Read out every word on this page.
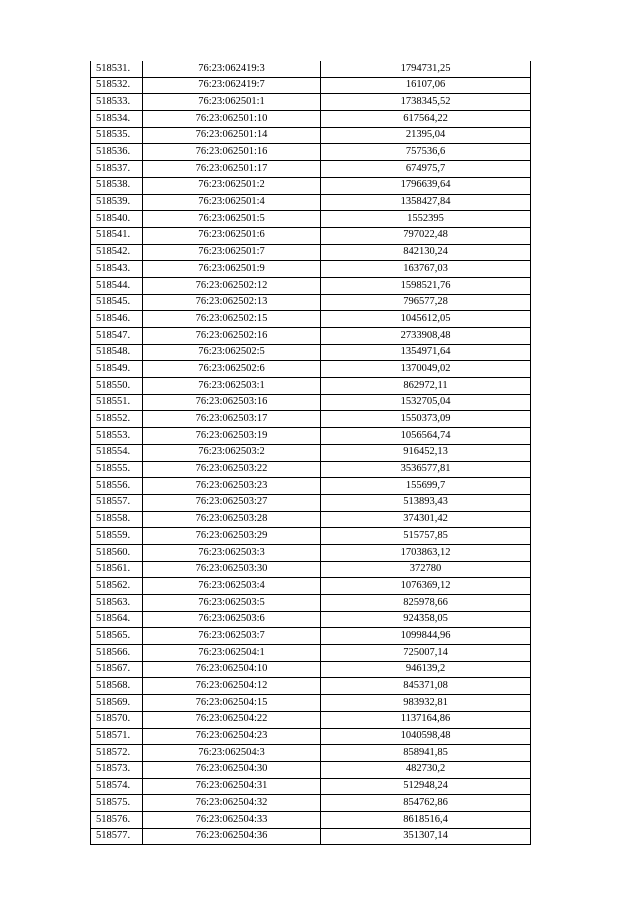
518531.	76:23:062419:3	1794731,25
518532.	76:23:062419:7	16107,06
518533.	76:23:062501:1	1738345,52
518534.	76:23:062501:10	617564,22
518535.	76:23:062501:14	21395,04
518536.	76:23:062501:16	757536,6
518537.	76:23:062501:17	674975,7
518538.	76:23:062501:2	1796639,64
518539.	76:23:062501:4	1358427,84
518540.	76:23:062501:5	1552395
518541.	76:23:062501:6	797022,48
518542.	76:23:062501:7	842130,24
518543.	76:23:062501:9	163767,03
518544.	76:23:062502:12	1598521,76
518545.	76:23:062502:13	796577,28
518546.	76:23:062502:15	1045612,05
518547.	76:23:062502:16	2733908,48
518548.	76:23:062502:5	1354971,64
518549.	76:23:062502:6	1370049,02
518550.	76:23:062503:1	862972,11
518551.	76:23:062503:16	1532705,04
518552.	76:23:062503:17	1550373,09
518553.	76:23:062503:19	1056564,74
518554.	76:23:062503:2	916452,13
518555.	76:23:062503:22	3536577,81
518556.	76:23:062503:23	155699,7
518557.	76:23:062503:27	513893,43
518558.	76:23:062503:28	374301,42
518559.	76:23:062503:29	515757,85
518560.	76:23:062503:3	1703863,12
518561.	76:23:062503:30	372780
518562.	76:23:062503:4	1076369,12
518563.	76:23:062503:5	825978,66
518564.	76:23:062503:6	924358,05
518565.	76:23:062503:7	1099844,96
518566.	76:23:062504:1	725007,14
518567.	76:23:062504:10	946139,2
518568.	76:23:062504:12	845371,08
518569.	76:23:062504:15	983932,81
518570.	76:23:062504:22	1137164,86
518571.	76:23:062504:23	1040598,48
518572.	76:23:062504:3	858941,85
518573.	76:23:062504:30	482730,2
518574.	76:23:062504:31	512948,24
518575.	76:23:062504:32	854762,86
518576.	76:23:062504:33	8618516,4
518577.	76:23:062504:36	351307,14
